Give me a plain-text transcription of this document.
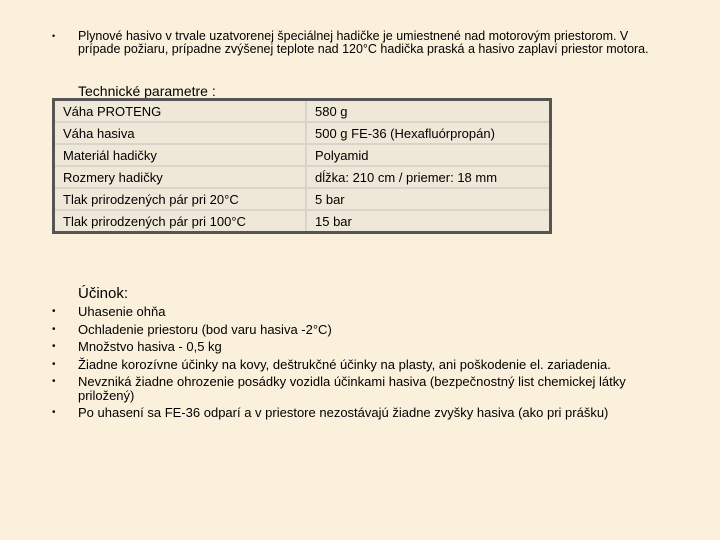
• Plynové hasivo v trvale uzatvorenej špeciálnej hadičke je umiestnené nad motorovým priestorom. V prípade požiaru, prípadne zvýšenej teplote nad 120°C hadička praská a hasivo zaplaví priestor motora.
Technické parametre :
Váha PROTENG	580 g
Váha hasiva	500 g FE-36 (Hexafluórpropán)
Materiál hadičky	Polyamid
Rozmery hadičky	dĺžka: 210 cm / priemer: 18 mm
Tlak prirodzených pár pri 20°C	5 bar
Tlak prirodzených pár pri 100°C	15 bar
Účinok:
• Uhasenie ohňa
• Ochladenie priestoru (bod varu hasiva -2°C)
• Množstvo hasiva - 0,5 kg
• Žiadne korozívne účinky na kovy, deštrukčné účinky na plasty, ani poškodenie el. zariadenia.
• Nevzniká žiadne ohrozenie posádky vozidla účinkami hasiva (bezpečnostný list chemickej látky priložený)
• Po uhasení sa FE-36 odparí a v priestore nezostávajú žiadne zvyšky hasiva (ako pri prášku)
